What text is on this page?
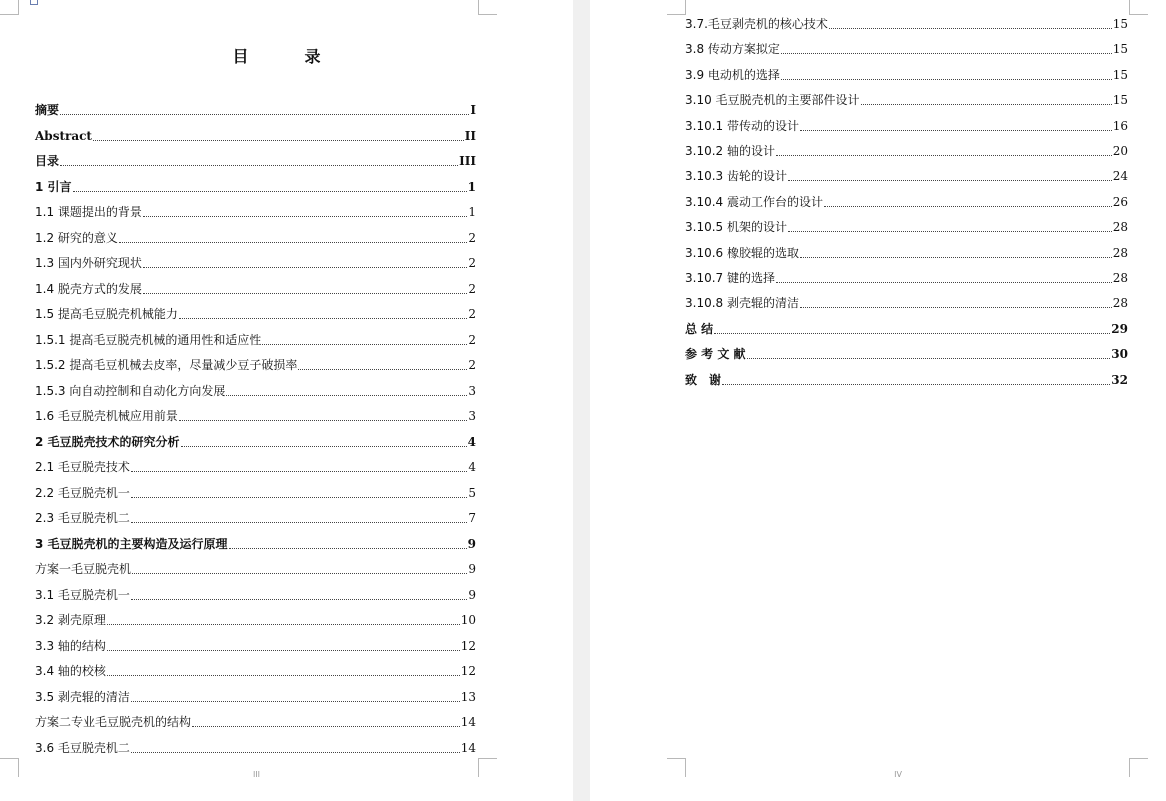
目　录
摘要	I
Abstract	II
目录	III
1 引言	1
1.1 课题提出的背景	1
1.2 研究的意义	2
1.3 国内外研究现状	2
1.4 脱壳方式的发展	2
1.5 提高毛豆脱壳机械能力	2
1.5.1 提高毛豆脱壳机械的通用性和适应性	2
1.5.2 提高毛豆机械去皮率，尽量减少豆子破损率	2
1.5.3 向自动控制和自动化方向发展	3
1.6 毛豆脱壳机械应用前景	3
2 毛豆脱壳技术的研究分析	4
2.1 毛豆脱壳技术	4
2.2 毛豆脱壳机一	5
2.3 毛豆脱壳机二	7
3 毛豆脱壳机的主要构造及运行原理	9
方案一毛豆脱壳机	9
3.1 毛豆脱壳机一	9
3.2 剥壳原理	10
3.3 轴的结构	12
3.4 轴的校核	12
3.5 剥壳辊的清洁	13
方案二专业毛豆脱壳机的结构	14
3.6 毛豆脱壳机二	14
III
3.7.毛豆剥壳机的核心技术	15
3.8 传动方案拟定	15
3.9 电动机的选择	15
3.10 毛豆脱壳机的主要部件设计	15
3.10.1 带传动的设计	16
3.10.2 轴的设计	20
3.10.3 齿轮的设计	24
3.10.4 震动工作台的设计	26
3.10.5 机架的设计	28
3.10.6 橡胶辊的选取	28
3.10.7 键的选择	28
3.10.8 剥壳辊的清洁	28
总 结	29
参 考 文 献	30
致　谢	32
IV
